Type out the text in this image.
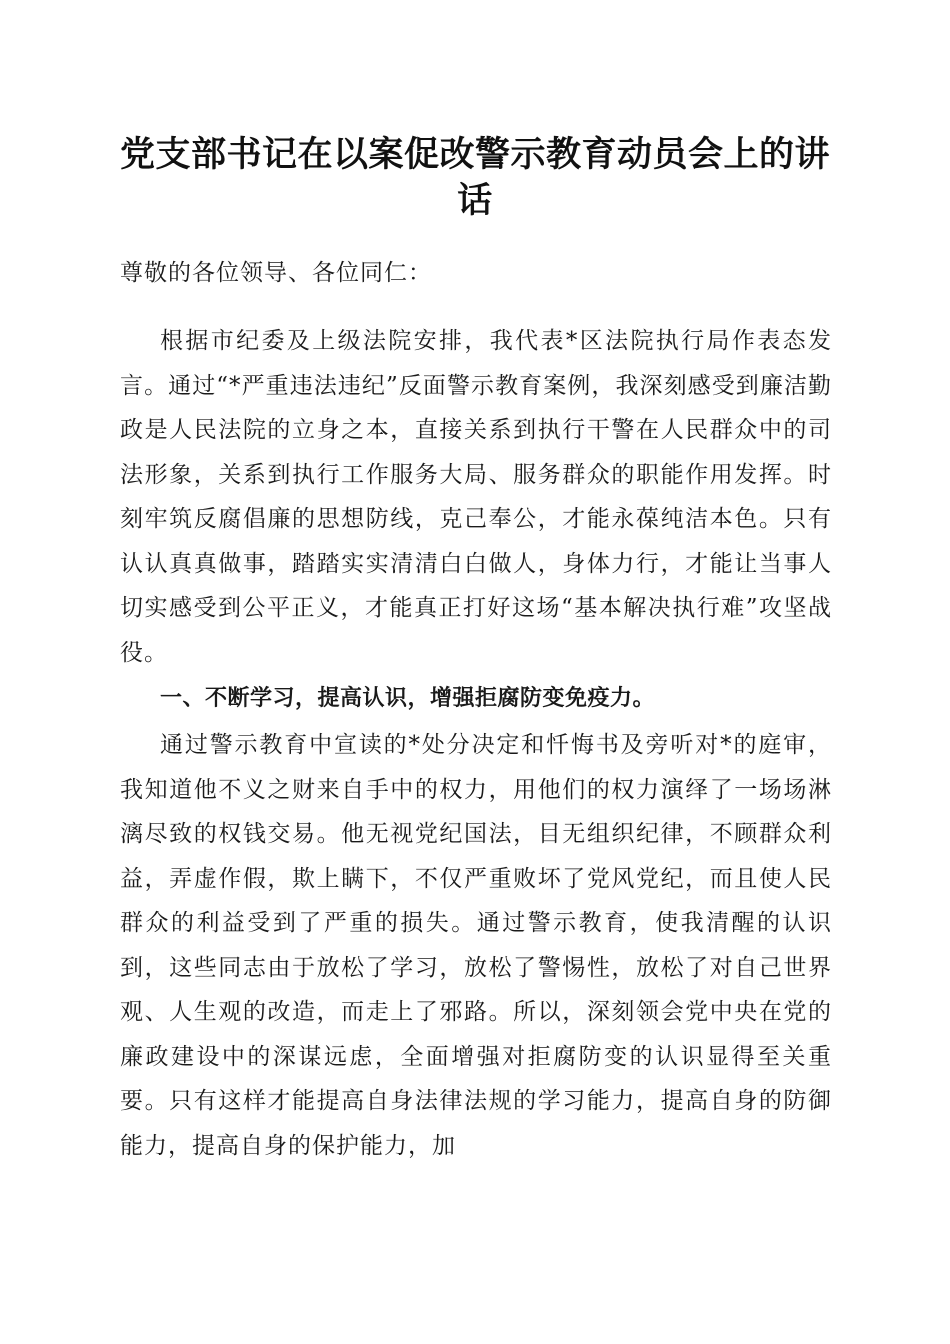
党支部书记在以案促改警示教育动员会上的讲话

尊敬的各位领导、各位同仁：

根据市纪委及上级法院安排，我代表*区法院执行局作表态发言。通过“*严重违法违纪”反面警示教育案例，我深刻感受到廉洁勤政是人民法院的立身之本，直接关系到执行干警在人民群众中的司法形象，关系到执行工作服务大局、服务群众的职能作用发挥。时刻牢筑反腐倡廉的思想防线，克己奉公，才能永葆纯洁本色。只有认认真真做事，踏踏实实清清白白做人，身体力行，才能让当事人切实感受到公平正义，才能真正打好这场“基本解决执行难”攻坚战役。

一、不断学习，提高认识，增强拒腐防变免疫力。

通过警示教育中宣读的*处分决定和忏悔书及旁听对*的庭审，我知道他不义之财来自手中的权力，用他们的权力演绎了一场场淋漓尽致的权钱交易。他无视党纪国法，目无组织纪律，不顾群众利益，弄虚作假，欺上瞒下，不仅严重败坏了党风党纪，而且使人民群众的利益受到了严重的损失。通过警示教育，使我清醒的认识到，这些同志由于放松了学习，放松了警惕性，放松了对自己世界观、人生观的改造，而走上了邪路。所以，深刻领会党中央在党的廉政建设中的深谋远虑，全面增强对拒腐防变的认识显得至关重要。只有这样才能提高自身法律法规的学习能力，提高自身的防御能力，提高自身的保护能力，加
